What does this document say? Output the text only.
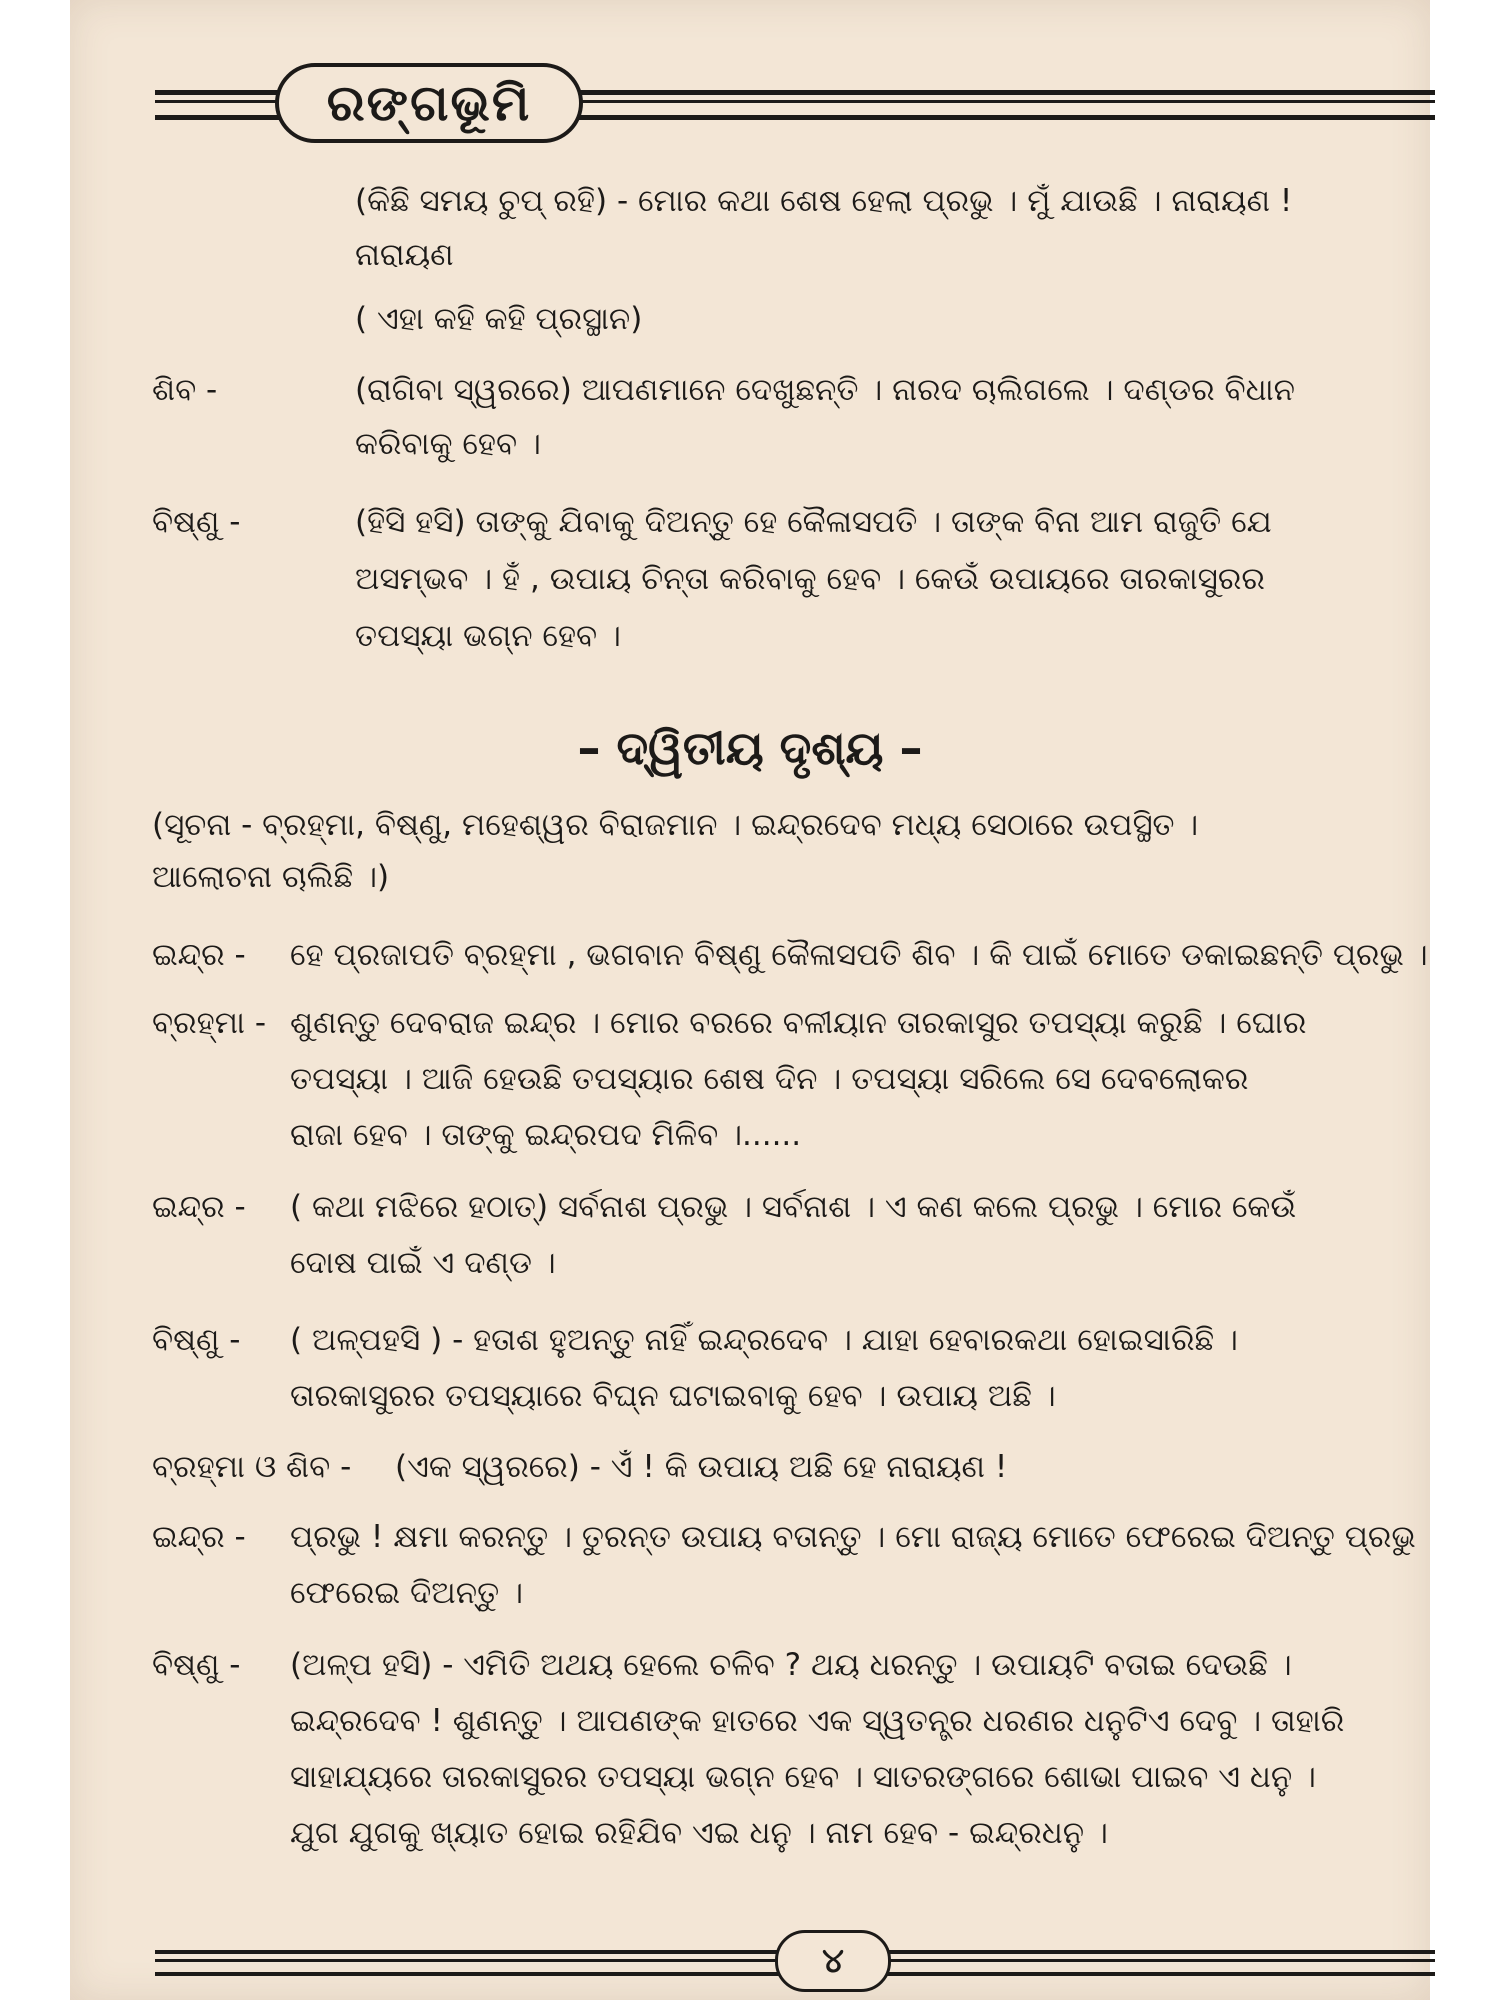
ରଙ୍ଗଭୂମି
(କିଛି ସମୟ ଚୁପ୍ ରହି) - ମୋର କଥା ଶେଷ ହେଲା ପ୍ରଭୁ । ମୁଁ ଯାଉଛି । ନାରାୟଣ !
ନାରାୟଣ
( ଏହା କହି କହି ପ୍ରସ୍ଥାନ)
ଶିବ -	(ରାଗିବା ସ୍ୱରରେ) ଆପଣମାନେ ଦେଖୁଛନ୍ତି । ନାରଦ ଚାଲିଗଲେ । ଦଣ୍ଡର ବିଧାନ
କରିବାକୁ ହେବ ।
ବିଷ୍ଣୁ -	(ହିସି ହସି) ତାଙ୍କୁ ଯିବାକୁ ଦିଅନ୍ତୁ ହେ କୈଳାସପତି । ତାଙ୍କ ବିନା ଆମ ରାଜୁତି ଯେ
ଅସମ୍ଭବ । ହଁ , ଉପାୟ ଚିନ୍ତା କରିବାକୁ ହେବ । କେଉଁ ଉପାୟରେ ତାରକାସୁରର
ତପସ୍ୟା ଭଗ୍ନ ହେବ ।
– ଦ୍ୱିତୀୟ ଦୃଶ୍ୟ –
(ସୂଚନା - ବ୍ରହ୍ମା, ବିଷ୍ଣୁ, ମହେଶ୍ୱର ବିରାଜମାନ । ଇନ୍ଦ୍ରଦେବ ମଧ୍ୟ ସେଠାରେ ଉପସ୍ଥିତ ।
ଆଲୋଚନା ଚାଲିଛି ।)
ଇନ୍ଦ୍ର - ହେ ପ୍ରଜାପତି ବ୍ରହ୍ମା , ଭଗବାନ ବିଷ୍ଣୁ କୈଳାସପତି ଶିବ । କି ପାଇଁ ମୋତେ ଡକାଇଛନ୍ତି ପ୍ରଭୁ ।
ବ୍ରହ୍ମା - ଶୁଣନ୍ତୁ ଦେବରାଜ ଇନ୍ଦ୍ର । ମୋର ବରରେ ବଳୀୟାନ ତାରକାସୁର ତପସ୍ୟା କରୁଛି । ଘୋର
ତପସ୍ୟା । ଆଜି ହେଉଛି ତପସ୍ୟାର ଶେଷ ଦିନ । ତପସ୍ୟା ସରିଲେ ସେ ଦେବଲୋକର
ରାଜା ହେବ । ତାଙ୍କୁ ଇନ୍ଦ୍ରପଦ ମିଳିବ ।......
ଇନ୍ଦ୍ର - ( କଥା ମଝିରେ ହଠାତ୍) ସର୍ବନାଶ ପ୍ରଭୁ । ସର୍ବନାଶ । ଏ କଣ କଲେ ପ୍ରଭୁ । ମୋର କେଉଁ
ଦୋଷ ପାଇଁ ଏ ଦଣ୍ଡ ।
ବିଷ୍ଣୁ - ( ଅଳ୍ପହସି ) - ହତାଶ ହୁଅନ୍ତୁ ନାହିଁ ଇନ୍ଦ୍ରଦେବ । ଯାହା ହେବାରକଥା ହୋଇସାରିଛି ।
ତାରକାସୁରର ତପସ୍ୟାରେ ବିଘ୍ନ ଘଟାଇବାକୁ ହେବ । ଉପାୟ ଅଛି ।
ବ୍ରହ୍ମା ଓ ଶିବ - (ଏକ ସ୍ୱରରେ) - ଏଁ ! କି ଉପାୟ ଅଛି ହେ ନାରାୟଣ !
ଇନ୍ଦ୍ର - ପ୍ରଭୁ ! କ୍ଷମା କରନ୍ତୁ । ତୁରନ୍ତ ଉପାୟ ବତାନ୍ତୁ । ମୋ ରାଜ୍ୟ ମୋତେ ଫେରେଇ ଦିଅନ୍ତୁ ପ୍ରଭୁ
ଫେରେଇ ଦିଅନ୍ତୁ ।
ବିଷ୍ଣୁ - (ଅଳ୍ପ ହସି) - ଏମିତି ଅଥୟ ହେଲେ ଚଳିବ ? ଥୟ ଧରନ୍ତୁ । ଉପାୟଟି ବତାଇ ଦେଉଛି ।
ଇନ୍ଦ୍ରଦେବ ! ଶୁଣନ୍ତୁ । ଆପଣଙ୍କ ହାତରେ ଏକ ସ୍ୱତନ୍ତ୍ର ଧରଣର ଧନୁଟିଏ ଦେବୁ । ତାହାରି
ସାହାଯ୍ୟରେ ତାରକାସୁରର ତପସ୍ୟା ଭଗ୍ନ ହେବ । ସାତରଙ୍ଗରେ ଶୋଭା ପାଇବ ଏ ଧନୁ ।
ଯୁଗ ଯୁଗକୁ ଖ୍ୟାତ ହୋଇ ରହିଯିବ ଏଇ ଧନୁ । ନାମ ହେବ - ଇନ୍ଦ୍ରଧନୁ ।
୪
